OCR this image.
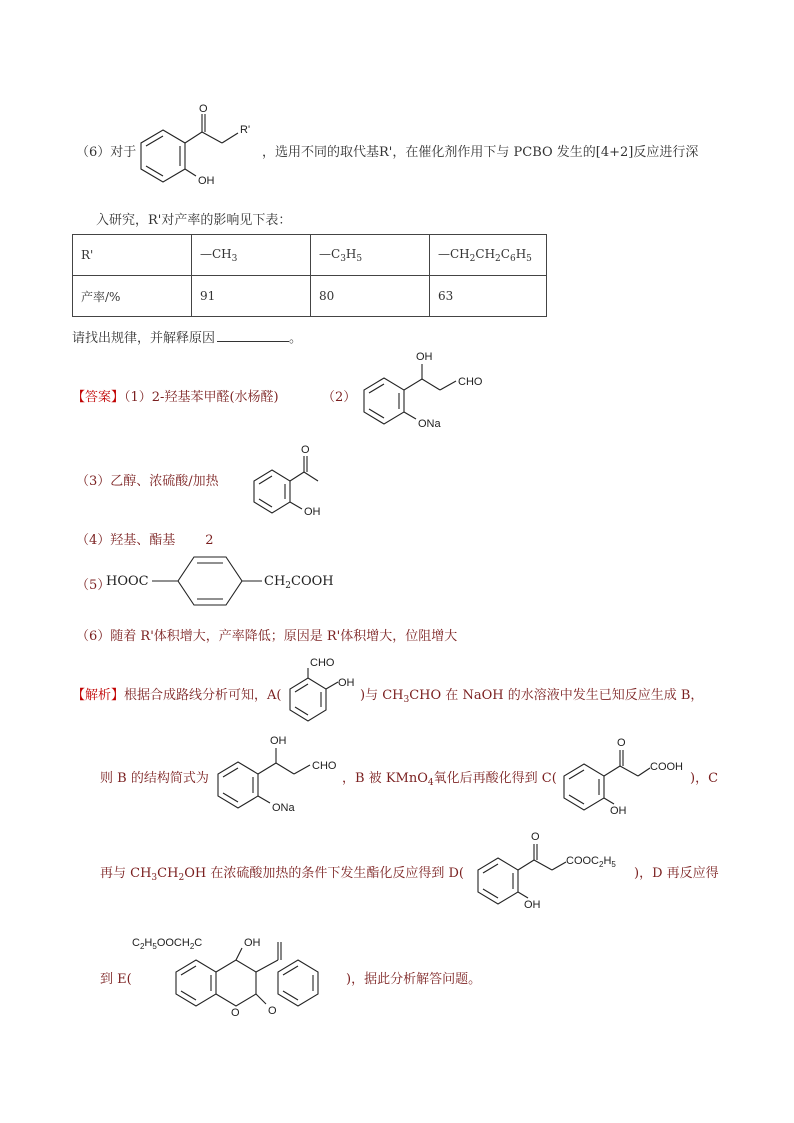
（6）对于
O
R'
OH
，选用不同的取代基R'，在催化剂作用下与 PCBO 发生的[4+2]反应进行深
入研究，R'对产率的影响见下表：
R'	$—CH_3$	$—C_3H_5$	$—CH_2CH_2C_6H_5$
产率/%	91	80	63
请找出规律，并解释原因	。
【答案】（1）2-羟基苯甲醛(水杨醛)	（2）
OH
CHO
ONa
（3）乙醇、浓硫酸/加热
O
OH
（4）羟基、酯基 2
（5）
HOOC	$CH_2COOH$
（6）随着 R'体积增大，产率降低；原因是 R'体积增大，位阻增大
【解析】根据合成路线分析可知，A(
CHO
OH
)与 $CH_3CHO$ 在 NaOH 的水溶液中发生已知反应生成 B，
则 B 的结构简式为
OH
CHO
ONa
，B 被 KMnO$_4$氧化后再酸化得到 C(
O
COOH
OH
)，C
再与 $CH_3CH_2OH$ 在浓硫酸加热的条件下发生酯化反应得到 D(
O
COOC2H5
OH
)，D 再反应得
到 E(
C2H5OOCH2C	OH
O	O
)，据此分析解答问题。
